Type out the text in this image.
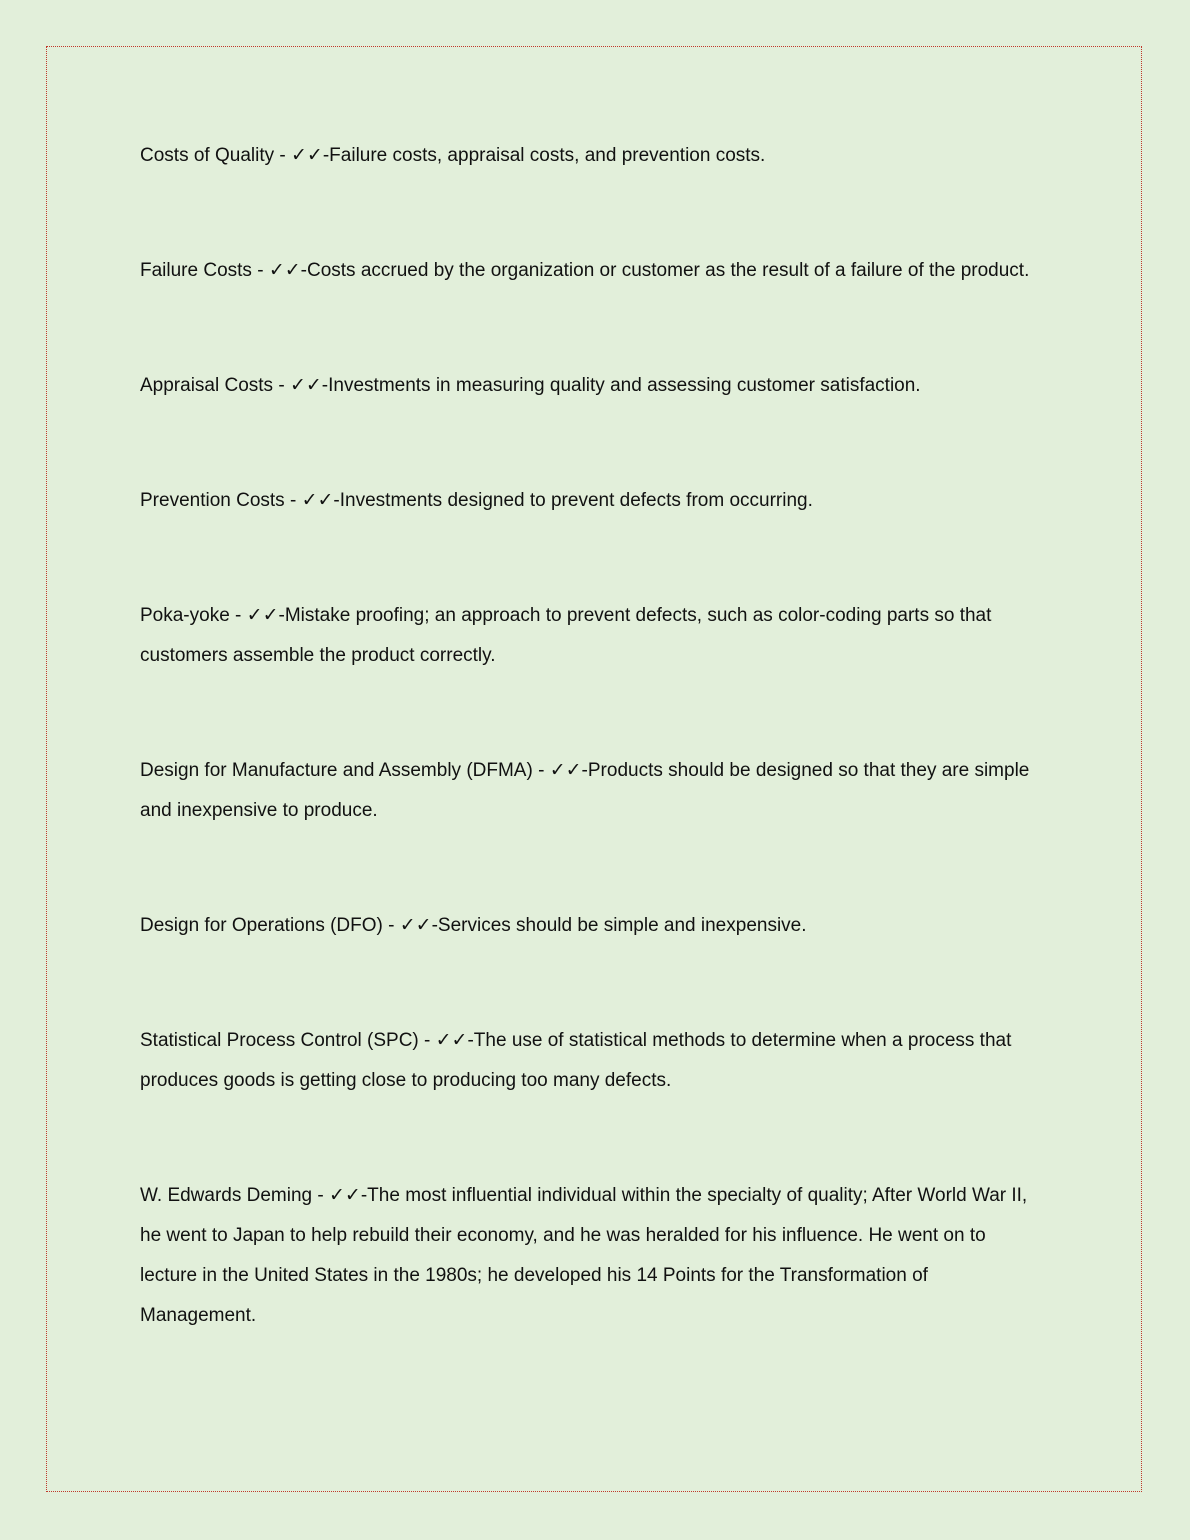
Costs of Quality - ✓✓-Failure costs, appraisal costs, and prevention costs.

Failure Costs - ✓✓-Costs accrued by the organization or customer as the result of a failure of the product.

Appraisal Costs - ✓✓-Investments in measuring quality and assessing customer satisfaction.

Prevention Costs - ✓✓-Investments designed to prevent defects from occurring.

Poka-yoke - ✓✓-Mistake proofing; an approach to prevent defects, such as color-coding parts so that customers assemble the product correctly.

Design for Manufacture and Assembly (DFMA) - ✓✓-Products should be designed so that they are simple and inexpensive to produce.

Design for Operations (DFO) - ✓✓-Services should be simple and inexpensive.

Statistical Process Control (SPC) - ✓✓-The use of statistical methods to determine when a process that produces goods is getting close to producing too many defects.

W. Edwards Deming - ✓✓-The most influential individual within the specialty of quality; After World War II, he went to Japan to help rebuild their economy, and he was heralded for his influence. He went on to lecture in the United States in the 1980s; he developed his 14 Points for the Transformation of Management.
